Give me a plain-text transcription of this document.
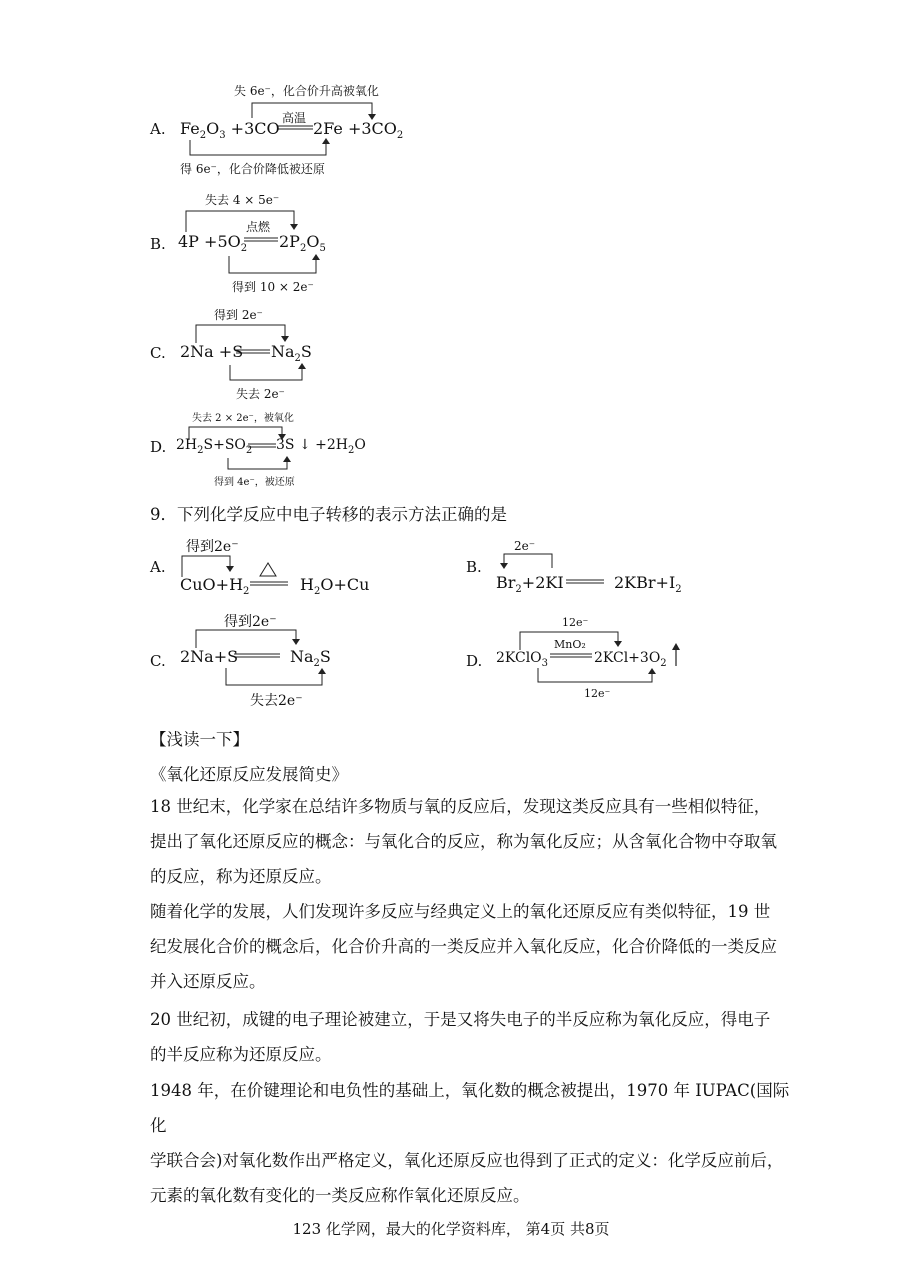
失 6e⁻，化合价升高被氧化
A.
高温
$Fe_2O_3 +3CO$ $2Fe +3CO_2$
得 6e⁻，化合价降低被还原
失去 4 × 5e⁻
B.
点燃
$4P +5O_2$ $2P_2O_5$
得到 10 × 2e⁻
得到 2e⁻
C. 2Na +S $Na_2S$
失去 2e⁻
失去 2 × 2e⁻，被氧化
D. $2H_2S+SO_2$ 3S ↓ $+2H_2O$
得到 4e⁻，被还原
9．下列化学反应中电子转移的表示方法正确的是
得到2e⁻
A.
$CuO+H_2$	$H_2O+Cu$
2e⁻
B.
$Br_2+2KI$	$2KBr+I_2$
得到2e⁻
C. 2Na+S	$Na_2S$
失去2e⁻
12e⁻
D.
MnO₂
2KClO$_3$	$2KCl+3O_2$
12e⁻
【浅读一下】
《氧化还原反应发展简史》
18 世纪末，化学家在总结许多物质与氧的反应后，发现这类反应具有一些相似特征，
提出了氧化还原反应的概念：与氧化合的反应，称为氧化反应；从含氧化合物中夺取氧
的反应，称为还原反应。
随着化学的发展，人们发现许多反应与经典定义上的氧化还原反应有类似特征，19 世
纪发展化合价的概念后，化合价升高的一类反应并入氧化反应，化合价降低的一类反应
并入还原反应。
20 世纪初，成键的电子理论被建立，于是又将失电子的半反应称为氧化反应，得电子
的半反应称为还原反应。
1948 年，在价键理论和电负性的基础上，氧化数的概念被提出，1970 年 IUPAC(国际化
学联合会)对氧化数作出严格定义，氧化还原反应也得到了正式的定义：化学反应前后，
元素的氧化数有变化的一类反应称作氧化还原反应。
123 化学网，最大的化学资料库， 第4页 共8页
